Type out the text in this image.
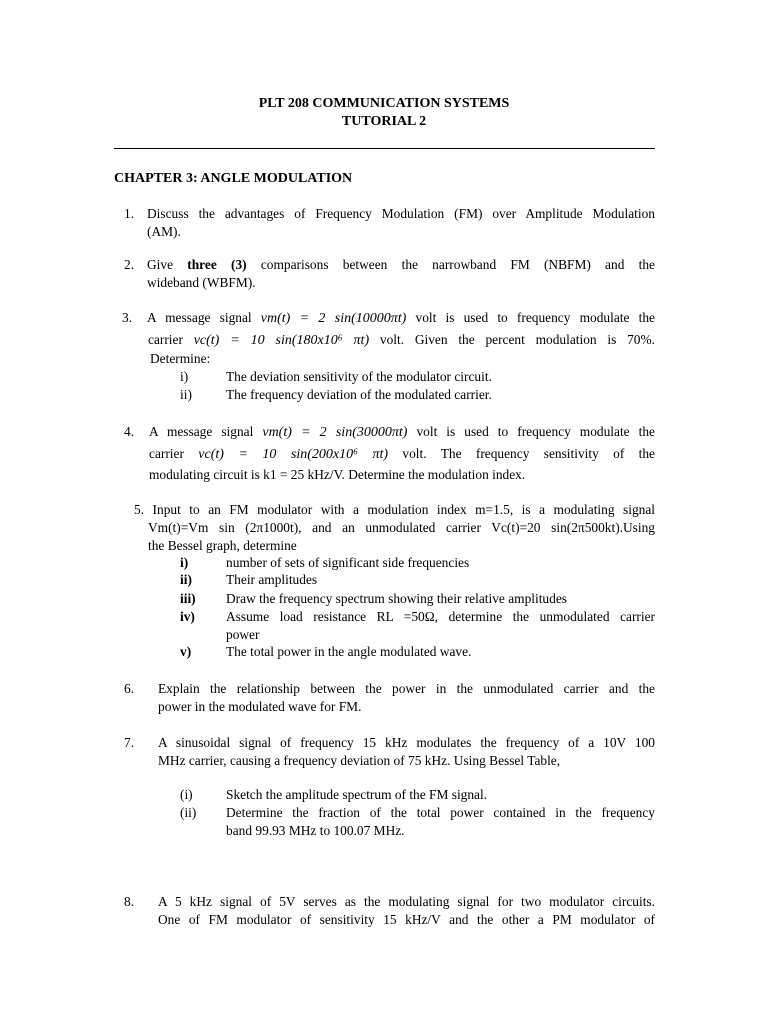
PLT 208 COMMUNICATION SYSTEMS
TUTORIAL 2
CHAPTER 3: ANGLE MODULATION
1. Discuss the advantages of Frequency Modulation (FM) over Amplitude Modulation
(AM).
2. Give three (3) comparisons between the narrowband FM (NBFM) and the
wideband (WBFM).
3. A message signal vm(t) = 2 sin(10000πt) volt is used to frequency modulate the
carrier vc(t) = 10 sin(180x10⁶ πt) volt. Given the percent modulation is 70%.
Determine:
i)	The deviation sensitivity of the modulator circuit.
ii)	The frequency deviation of the modulated carrier.
4. A message signal vm(t) = 2 sin(30000πt) volt is used to frequency modulate the
carrier vc(t) = 10 sin(200x10⁶ πt) volt. The frequency sensitivity of the
modulating circuit is k1 = 25 kHz/V. Determine the modulation index.
5. Input to an FM modulator with a modulation index m=1.5, is a modulating signal
Vm(t)=Vm sin (2π1000t), and an unmodulated carrier Vc(t)=20 sin(2π500kt).Using
the Bessel graph, determine
i)	number of sets of significant side frequencies
ii)	Their amplitudes
iii) Draw the frequency spectrum showing their relative amplitudes
iv) Assume load resistance RL =50Ω, determine the unmodulated carrier
power
v)	The total power in the angle modulated wave.
6. Explain the relationship between the power in the unmodulated carrier and the
power in the modulated wave for FM.
7. A sinusoidal signal of frequency 15 kHz modulates the frequency of a 10V 100
MHz carrier, causing a frequency deviation of 75 kHz. Using Bessel Table,
(i) Sketch the amplitude spectrum of the FM signal.
(ii) Determine the fraction of the total power contained in the frequency
band 99.93 MHz to 100.07 MHz.
8. A 5 kHz signal of 5V serves as the modulating signal for two modulator circuits.
One of FM modulator of sensitivity 15 kHz/V and the other a PM modulator of
